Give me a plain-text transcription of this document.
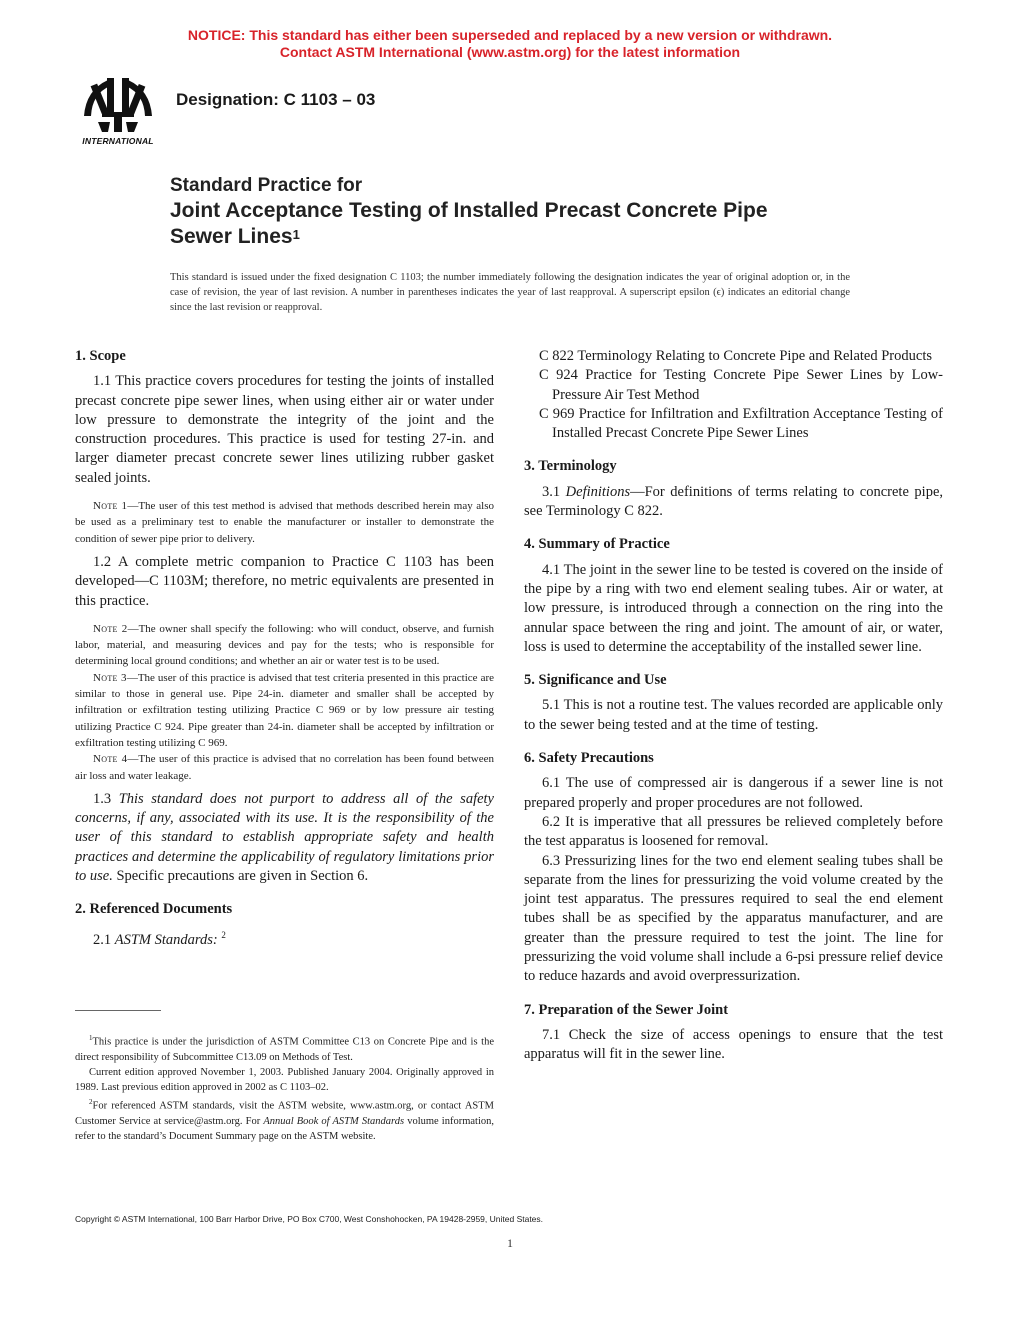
NOTICE: This standard has either been superseded and replaced by a new version or withdrawn.
Contact ASTM International (www.astm.org) for the latest information
INTERNATIONAL
Designation: C 1103 – 03
Standard Practice for
Joint Acceptance Testing of Installed Precast Concrete Pipe
Sewer Lines$^1$
This standard is issued under the fixed designation C 1103; the number immediately following the designation indicates the year of original adoption or, in the case of revision, the year of last revision. A number in parentheses indicates the year of last reapproval. A superscript epsilon (ϵ) indicates an editorial change since the last revision or reapproval.

1. Scope

1.1 This practice covers procedures for testing the joints of installed precast concrete pipe sewer lines, when using either air or water under low pressure to demonstrate the integrity of the joint and the construction procedures. This practice is used for testing 27-in. and larger diameter precast concrete sewer lines utilizing rubber gasket sealed joints.

Note 1—The user of this test method is advised that methods described herein may also be used as a preliminary test to enable the manufacturer or installer to demonstrate the condition of sewer pipe prior to delivery.

1.2 A complete metric companion to Practice C 1103 has been developed—C 1103M; therefore, no metric equivalents are presented in this practice.

Note 2—The owner shall specify the following: who will conduct, observe, and furnish labor, material, and measuring devices and pay for the tests; who is responsible for determining local ground conditions; and whether an air or water test is to be used.

Note 3—The user of this practice is advised that test criteria presented in this practice are similar to those in general use. Pipe 24-in. diameter and smaller shall be accepted by infiltration or exfiltration testing utilizing Practice C 969 or by low pressure air testing utilizing Practice C 924. Pipe greater than 24-in. diameter shall be accepted by infiltration or exfiltration testing utilizing C 969.

Note 4—The user of this practice is advised that no correlation has been found between air loss and water leakage.

1.3 This standard does not purport to address all of the safety concerns, if any, associated with its use. It is the responsibility of the user of this standard to establish appropriate safety and health practices and determine the applicability of regulatory limitations prior to use. Specific precautions are given in Section 6.

2. Referenced Documents

2.1 ASTM Standards: $^2$

C 822 Terminology Relating to Concrete Pipe and Related Products

C 924 Practice for Testing Concrete Pipe Sewer Lines by Low-Pressure Air Test Method

C 969 Practice for Infiltration and Exfiltration Acceptance Testing of Installed Precast Concrete Pipe Sewer Lines

3. Terminology

3.1 Definitions—For definitions of terms relating to concrete pipe, see Terminology C 822.

4. Summary of Practice

4.1 The joint in the sewer line to be tested is covered on the inside of the pipe by a ring with two end element sealing tubes. Air or water, at low pressure, is introduced through a connection on the ring into the annular space between the ring and joint. The amount of air, or water, loss is used to determine the acceptability of the installed sewer line.

5. Significance and Use

5.1 This is not a routine test. The values recorded are applicable only to the sewer being tested and at the time of testing.

6. Safety Precautions

6.1 The use of compressed air is dangerous if a sewer line is not prepared properly and proper procedures are not followed.

6.2 It is imperative that all pressures be relieved completely before the test apparatus is loosened for removal.

6.3 Pressurizing lines for the two end element sealing tubes shall be separate from the lines for pressurizing the void volume created by the joint test apparatus. The pressures required to seal the end element tubes shall be as specified by the apparatus manufacturer, and are greater than the pressure required to test the joint. The line for pressurizing the void volume shall include a 6-psi pressure relief device to reduce hazards and avoid overpressurization.

7. Preparation of the Sewer Joint

7.1 Check the size of access openings to ensure that the test apparatus will fit in the sewer line.

$^1$This practice is under the jurisdiction of ASTM Committee C13 on Concrete Pipe and is the direct responsibility of Subcommittee C13.09 on Methods of Test.

Current edition approved November 1, 2003. Published January 2004. Originally approved in 1989. Last previous edition approved in 2002 as C 1103–02.

$^2$For referenced ASTM standards, visit the ASTM website, www.astm.org, or contact ASTM Customer Service at service@astm.org. For Annual Book of ASTM Standards volume information, refer to the standard’s Document Summary page on the ASTM website.

Copyright © ASTM International, 100 Barr Harbor Drive, PO Box C700, West Conshohocken, PA 19428-2959, United States.
1
